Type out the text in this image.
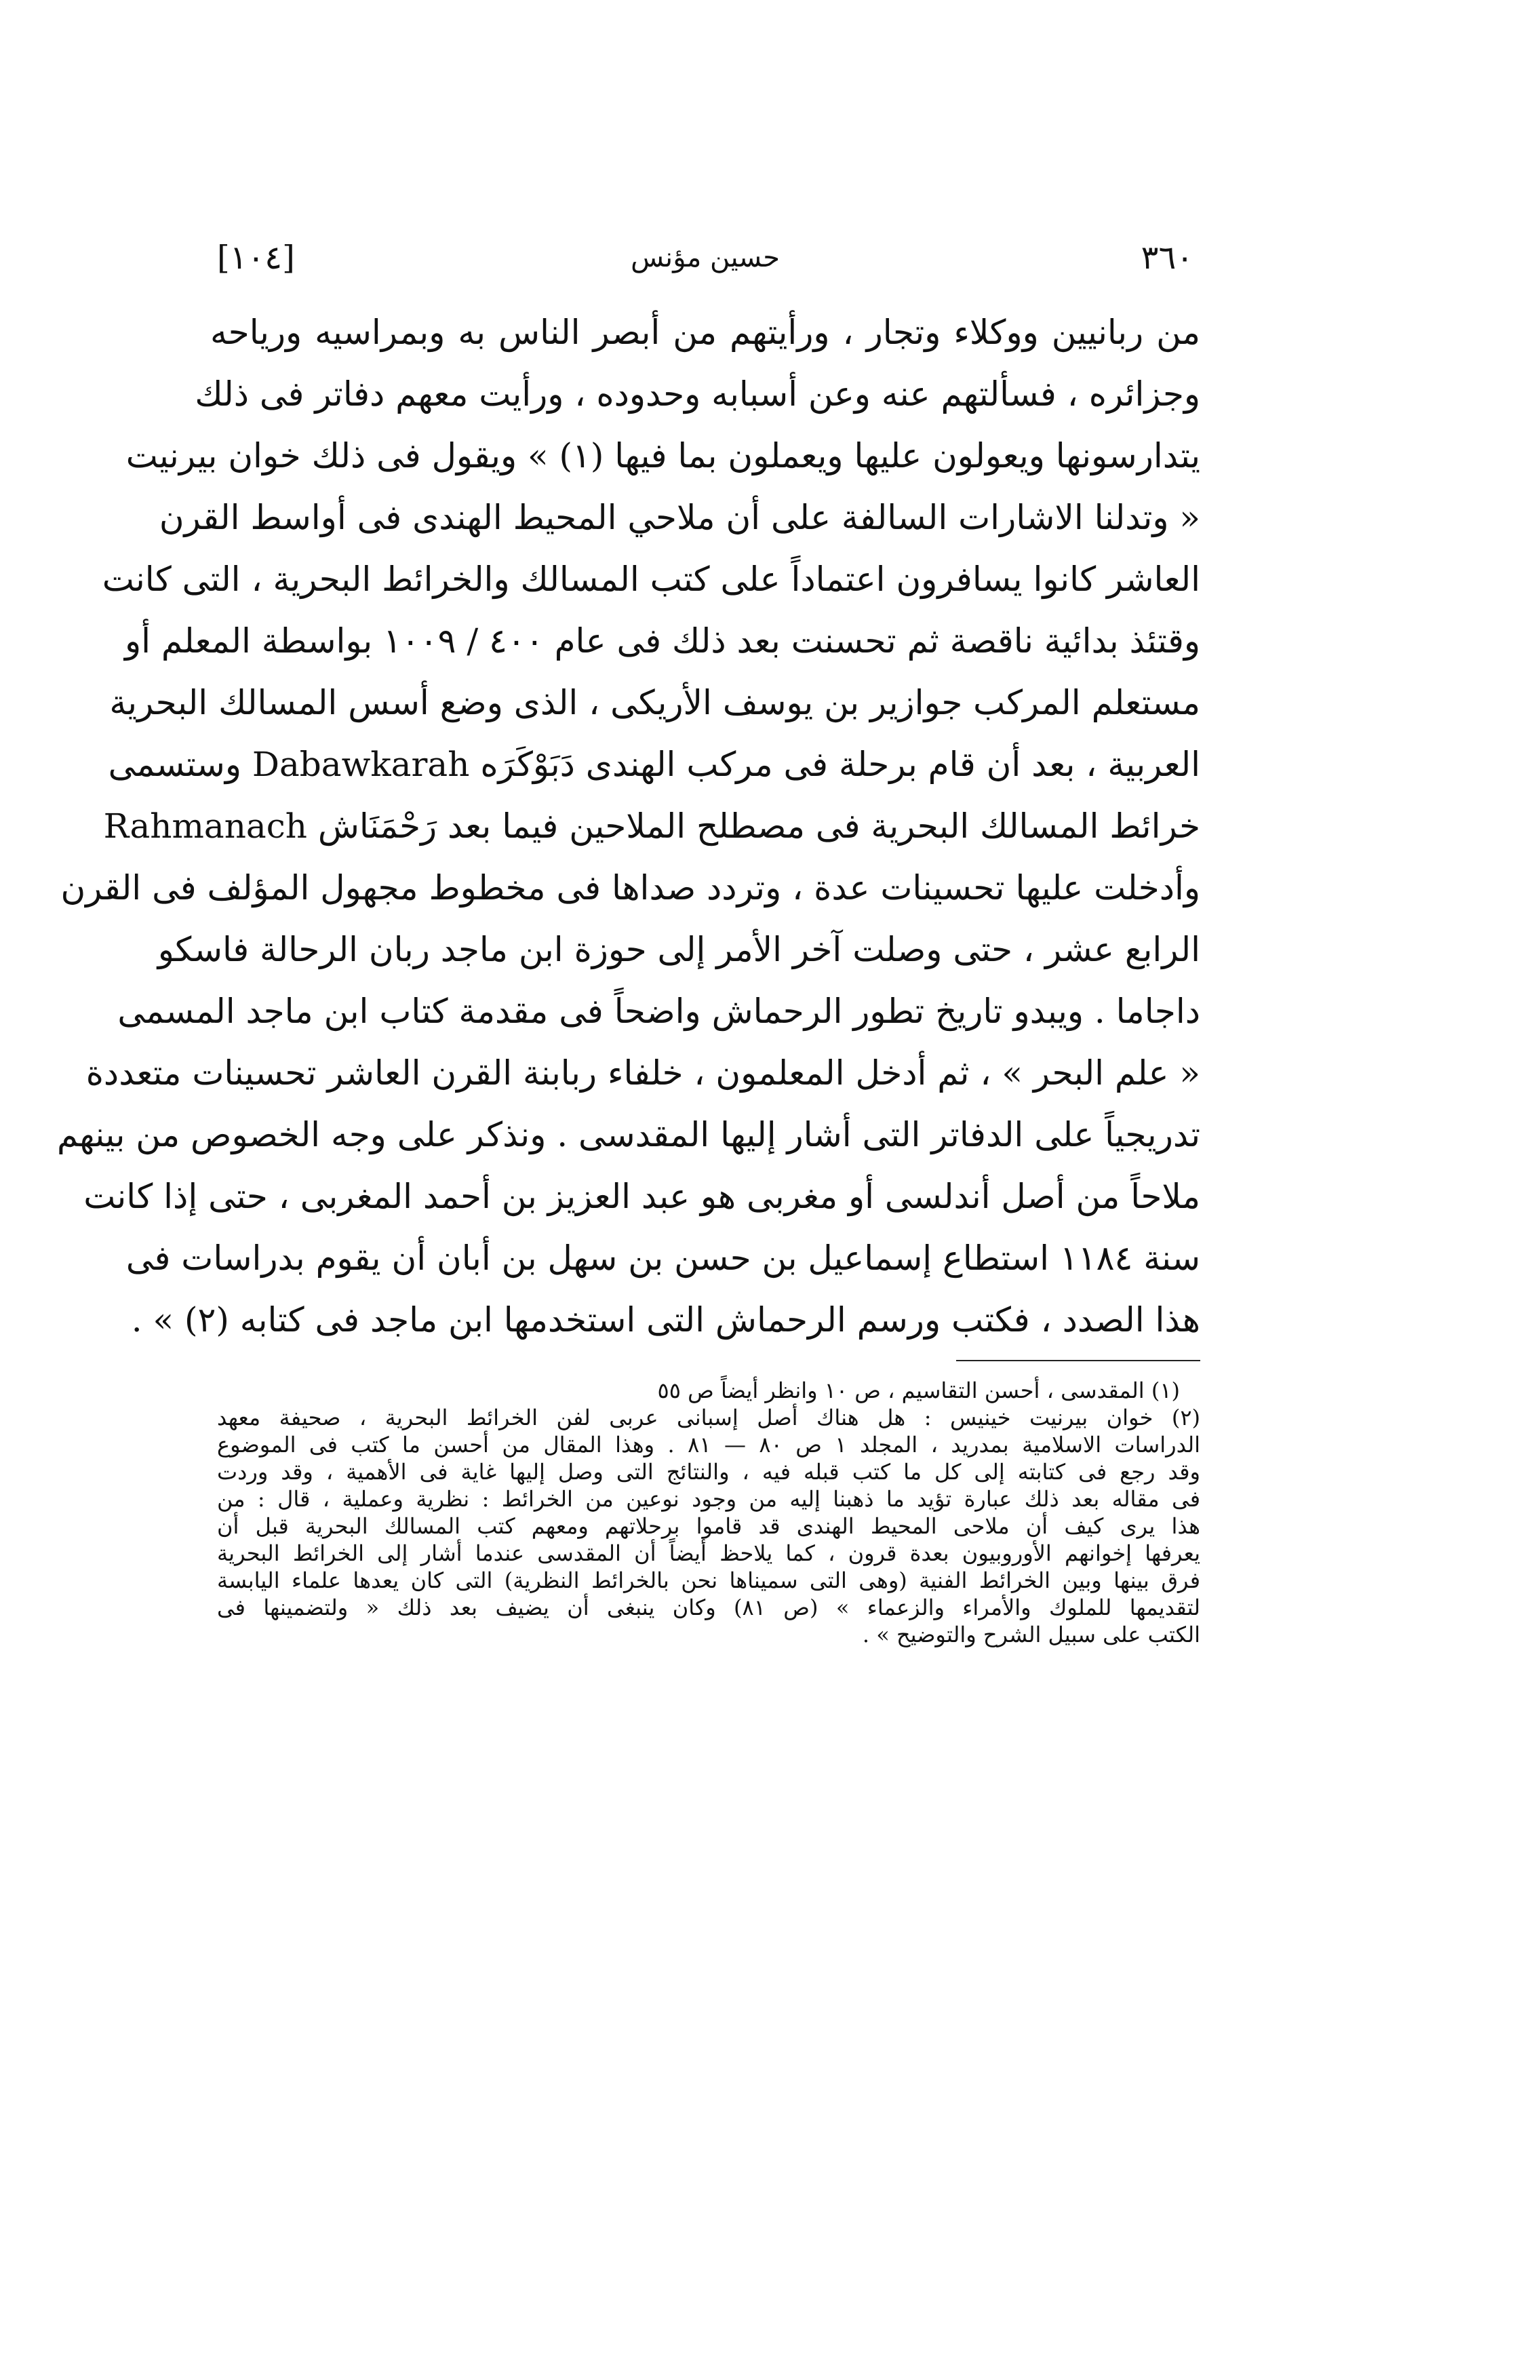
[١٠٤]	حسين مؤنس	٣٦٠
من ربانيين ووكلاء وتجار ، ورأيتهم من أبصر الناس به وبمراسيه ورياحه
وجزائره ، فسألتهم عنه وعن أسبابه وحدوده ، ورأيت معهم دفاتر فى ذلك
يتدارسونها ويعولون عليها ويعملون بما فيها (١) » ويقول فى ذلك خوان بيرنيت
« وتدلنا الاشارات السالفة على أن ملاحي المحيط الهندى فى أواسط القرن
العاشر كانوا يسافرون اعتماداً على كتب المسالك والخرائط البحرية ، التى كانت
وقتئذ بدائية ناقصة ثم تحسنت بعد ذلك فى عام ٤٠٠ / ١٠٠٩ بواسطة المعلم أو
مستعلم المركب جوازير بن يوسف الأريكى ، الذى وضع أسس المسالك البحرية
العربية ، بعد أن قام برحلة فى مركب الهندى دَبَوْكَرَه Dabawkarah وستسمى
خرائط المسالك البحرية فى مصطلح الملاحين فيما بعد رَحْمَنَاش Rahmanach
وأدخلت عليها تحسينات عدة ، وتردد صداها فى مخطوط مجهول المؤلف فى القرن
الرابع عشر ، حتى وصلت آخر الأمر إلى حوزة ابن ماجد ربان الرحالة فاسكو
داجاما . ويبدو تاريخ تطور الرحماش واضحاً فى مقدمة كتاب ابن ماجد المسمى
« علم البحر » ، ثم أدخل المعلمون ، خلفاء ربابنة القرن العاشر تحسينات متعددة
تدريجياً على الدفاتر التى أشار إليها المقدسى . ونذكر على وجه الخصوص من بينهم
ملاحاً من أصل أندلسى أو مغربى هو عبد العزيز بن أحمد المغربى ، حتى إذا كانت
سنة ١١٨٤ استطاع إسماعيل بن حسن بن سهل بن أبان أن يقوم بدراسات فى
هذا الصدد ، فكتب ورسم الرحماش التى استخدمها ابن ماجد فى كتابه (٢) » .
(١) المقدسى ، أحسن التقاسيم ، ص ١٠ وانظر أيضاً ص ٥٥
(٢) خوان بيرنيت خينيس : هل هناك أصل إسبانى عربى لفن الخرائط البحرية ، صحيفة معهد
الدراسات الاسلامية بمدريد ، المجلد ١ ص ٨٠ — ٨١ . وهذا المقال من أحسن ما كتب فى الموضوع
وقد رجع فى كتابته إلى كل ما كتب قبله فيه ، والنتائج التى وصل إليها غاية فى الأهمية ، وقد وردت
فى مقاله بعد ذلك عبارة تؤيد ما ذهبنا إليه من وجود نوعين من الخرائط : نظرية وعملية ، قال : من
هذا يرى كيف أن ملاحى المحيط الهندى قد قاموا برحلاتهم ومعهم كتب المسالك البحرية قبل أن
يعرفها إخوانهم الأوروبيون بعدة قرون ، كما يلاحظ أيضاً أن المقدسى عندما أشار إلى الخرائط البحرية
فرق بينها وبين الخرائط الفنية (وهى التى سميناها نحن بالخرائط النظرية) التى كان يعدها علماء اليابسة
لتقديمها للملوك والأمراء والزعماء » (ص ٨١) وكان ينبغى أن يضيف بعد ذلك « ولتضمينها فى
الكتب على سبيل الشرح والتوضيح » .
